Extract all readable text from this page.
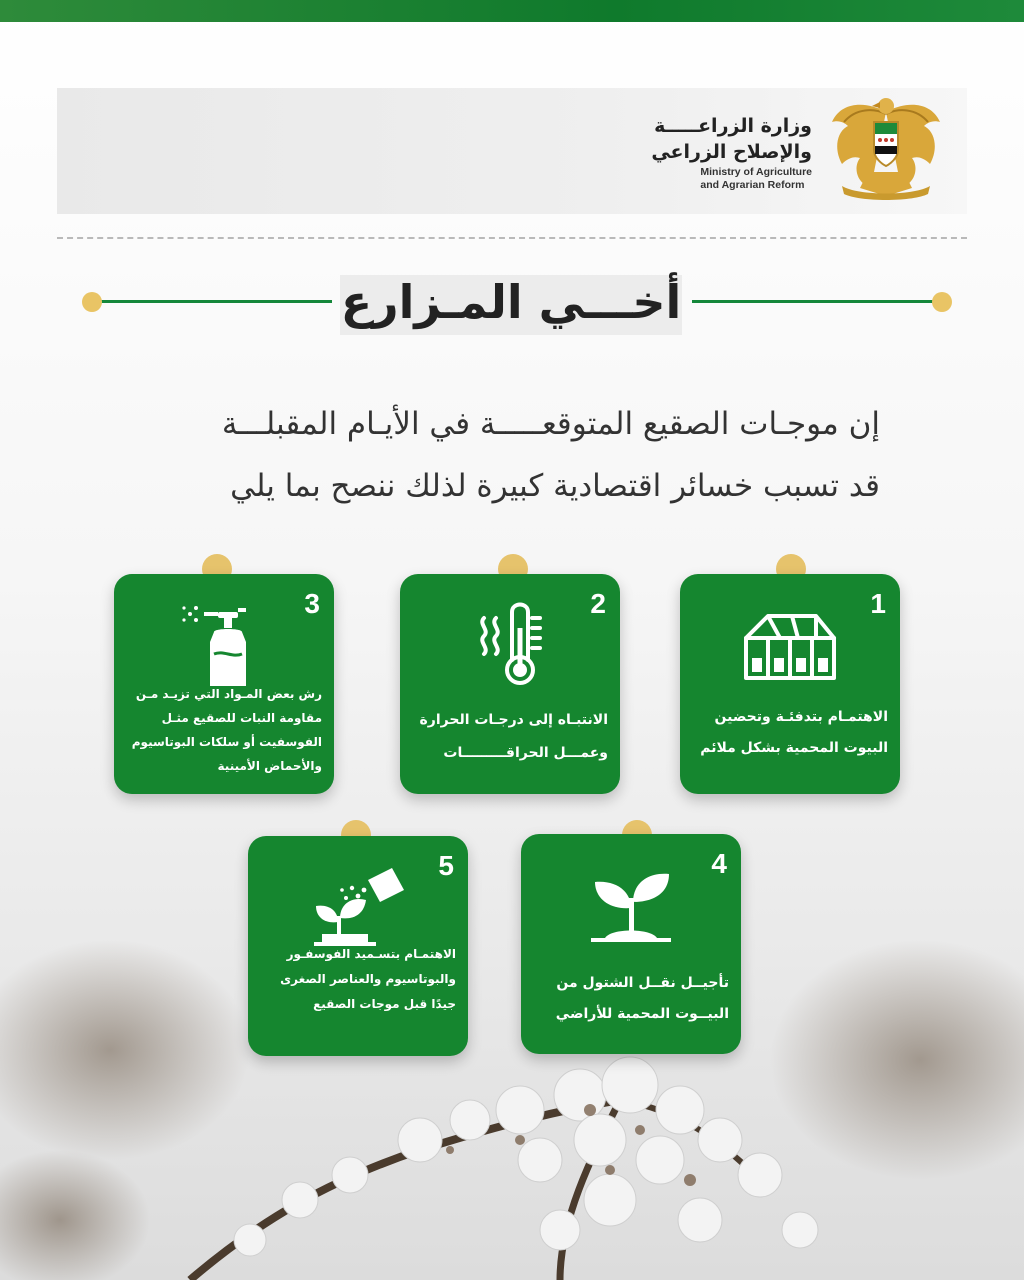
وزارة الزراعـــــة
والإصلاح الزراعي
Ministry of Agriculture
and Agrarian Reform
أخـــي المـزارع
إن موجـات الصقيع المتوقعـــــة في الأيـام المقبلـــة
قد تسبب خسائر اقتصادية كبيرة لذلك ننصح بما يلي
1
الاهتمـام بتدفئـة وتحضين
البيوت المحمية بشكل ملائم
2
الانتبـاه إلى درجـات الحرارة
وعمـــل الحراقـــــــــات
3
رش بعض المـواد التي تزيـد مـن
مقاومة النبات للصقيع مثـل
الفوسفيت أو سلكات البوتاسيوم
والأحماض الأمينية
4
تأجيــل نقــل الشتول من
البيــوت المحمية للأراضي
5
الاهتمـام بتسـميد الفوسفـور
والبوتاسيوم والعناصر الصغرى
جيدًا قبل موجات الصقيع
